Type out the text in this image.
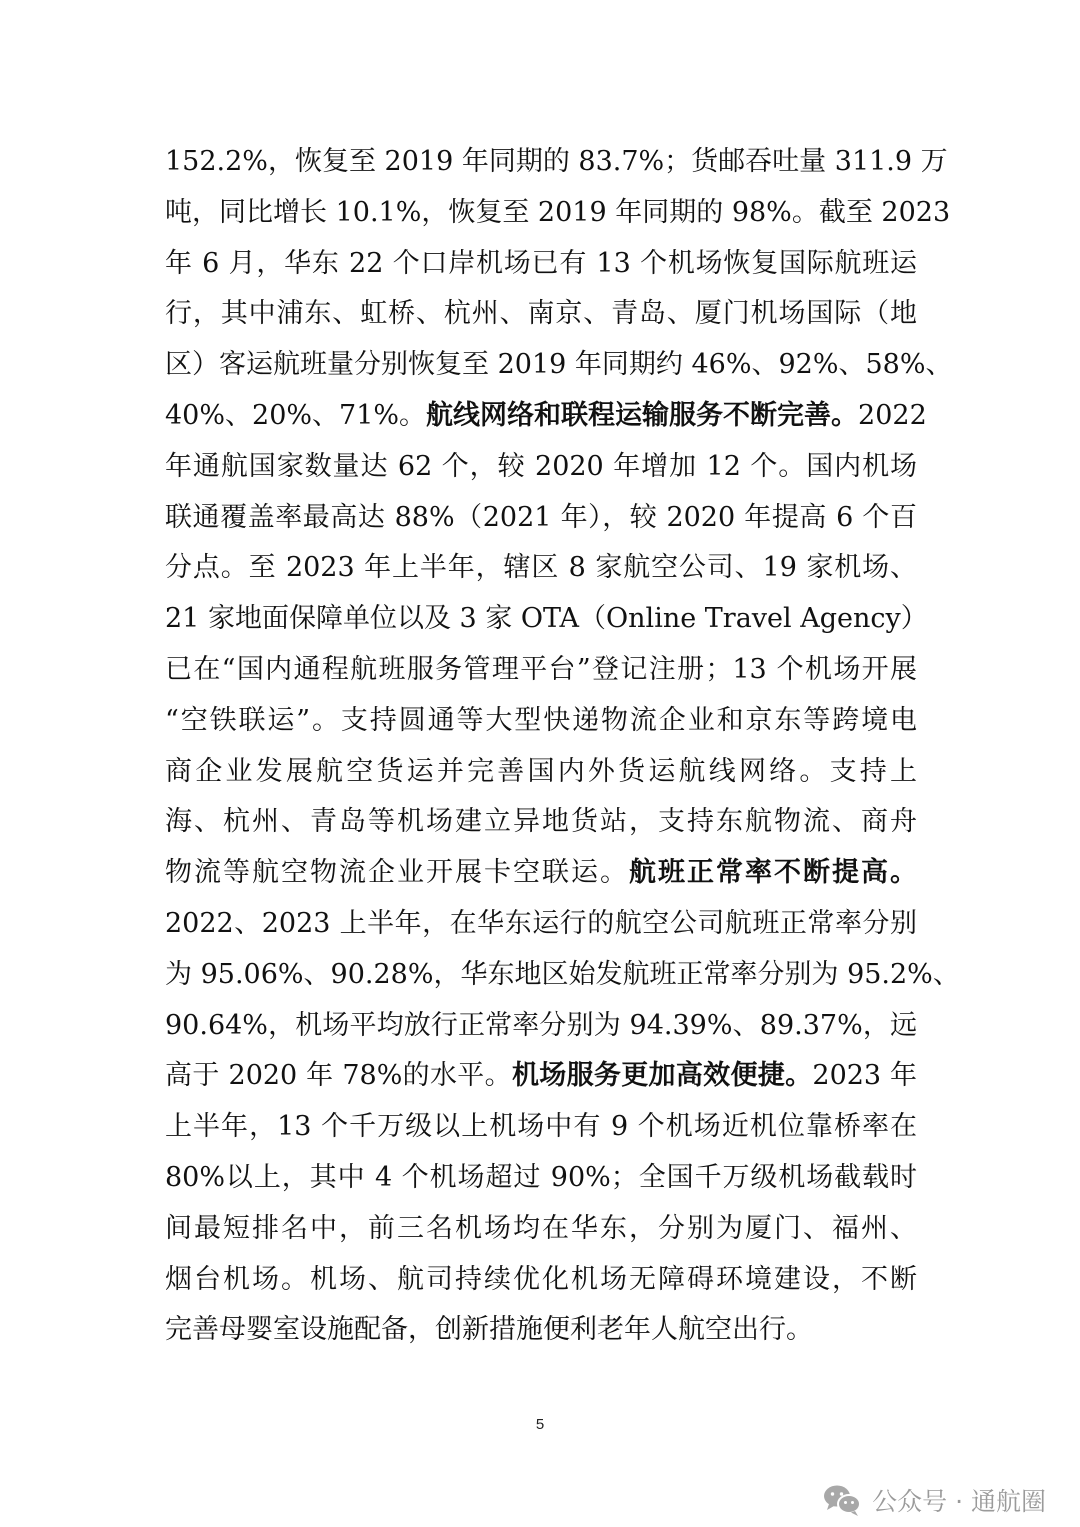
152.2%，恢复至 2019 年同期的 83.7%；货邮吞吐量 311.9 万
吨，同比增长 10.1%，恢复至 2019 年同期的 98%。截至 2023
年 6 月，华东 22 个口岸机场已有 13 个机场恢复国际航班运
行，其中浦东、虹桥、杭州、南京、青岛、厦门机场国际（地
区）客运航班量分别恢复至 2019 年同期约 46%、92%、58%、
40%、20%、71%。航线网络和联程运输服务不断完善。2022
年通航国家数量达 62 个，较 2020 年增加 12 个。国内机场
联通覆盖率最高达 88%（2021 年），较 2020 年提高 6 个百
分点。至 2023 年上半年，辖区 8 家航空公司、19 家机场、
21 家地面保障单位以及 3 家 OTA（Online Travel Agency）
已在“国内通程航班服务管理平台”登记注册；13 个机场开展
“空铁联运”。支持圆通等大型快递物流企业和京东等跨境电
商企业发展航空货运并完善国内外货运航线网络。支持上
海、杭州、青岛等机场建立异地货站，支持东航物流、商舟
物流等航空物流企业开展卡空联运。航班正常率不断提高。
2022、2023 上半年，在华东运行的航空公司航班正常率分别
为 95.06%、90.28%，华东地区始发航班正常率分别为 95.2%、
90.64%，机场平均放行正常率分别为 94.39%、89.37%，远
高于 2020 年 78%的水平。机场服务更加高效便捷。2023 年
上半年，13 个千万级以上机场中有 9 个机场近机位靠桥率在
80%以上，其中 4 个机场超过 90%；全国千万级机场截载时
间最短排名中，前三名机场均在华东，分别为厦门、福州、
烟台机场。机场、航司持续优化机场无障碍环境建设，不断
完善母婴室设施配备，创新措施便利老年人航空出行。
5
公众号 · 通航圈
